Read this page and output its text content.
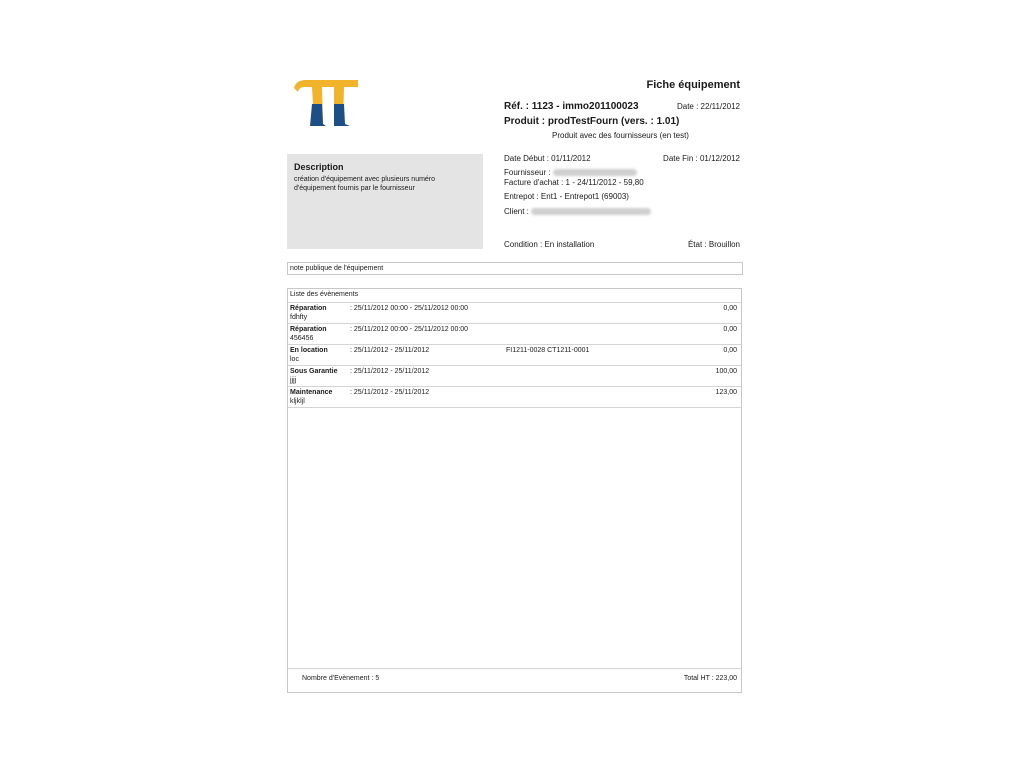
Fiche équipement
Réf. : 1123 - immo201100023	Date : 22/11/2012
Produit : prodTestFourn (vers. : 1.01)
Produit avec des fournisseurs (en test)
Description
création d'équipement avec plusieurs numéro d'équipement fournis par le fournisseur
Date Début : 01/11/2012	Date Fin : 01/12/2012
Fournisseur :
Facture d'achat : 1 - 24/11/2012 - 59,80
Entrepot : Ent1 - Entrepot1 (69003)
Client :
Condition : En installation	État : Brouillon
note publique de l'équipement
Liste des évènements
Réparation
fdhfty
: 25/11/2012 00:00 - 25/11/2012 00:00	0,00
Réparation
456456
: 25/11/2012 00:00 - 25/11/2012 00:00	0,00
En location
loc
: 25/11/2012 - 25/11/2012	FI1211-0028 CT1211-0001	0,00
Sous Garantie
jjjj
: 25/11/2012 - 25/11/2012	100,00
Maintenance
kljkljl
: 25/11/2012 - 25/11/2012	123,00
Nombre d'Evènement : 5	Total HT : 223,00
